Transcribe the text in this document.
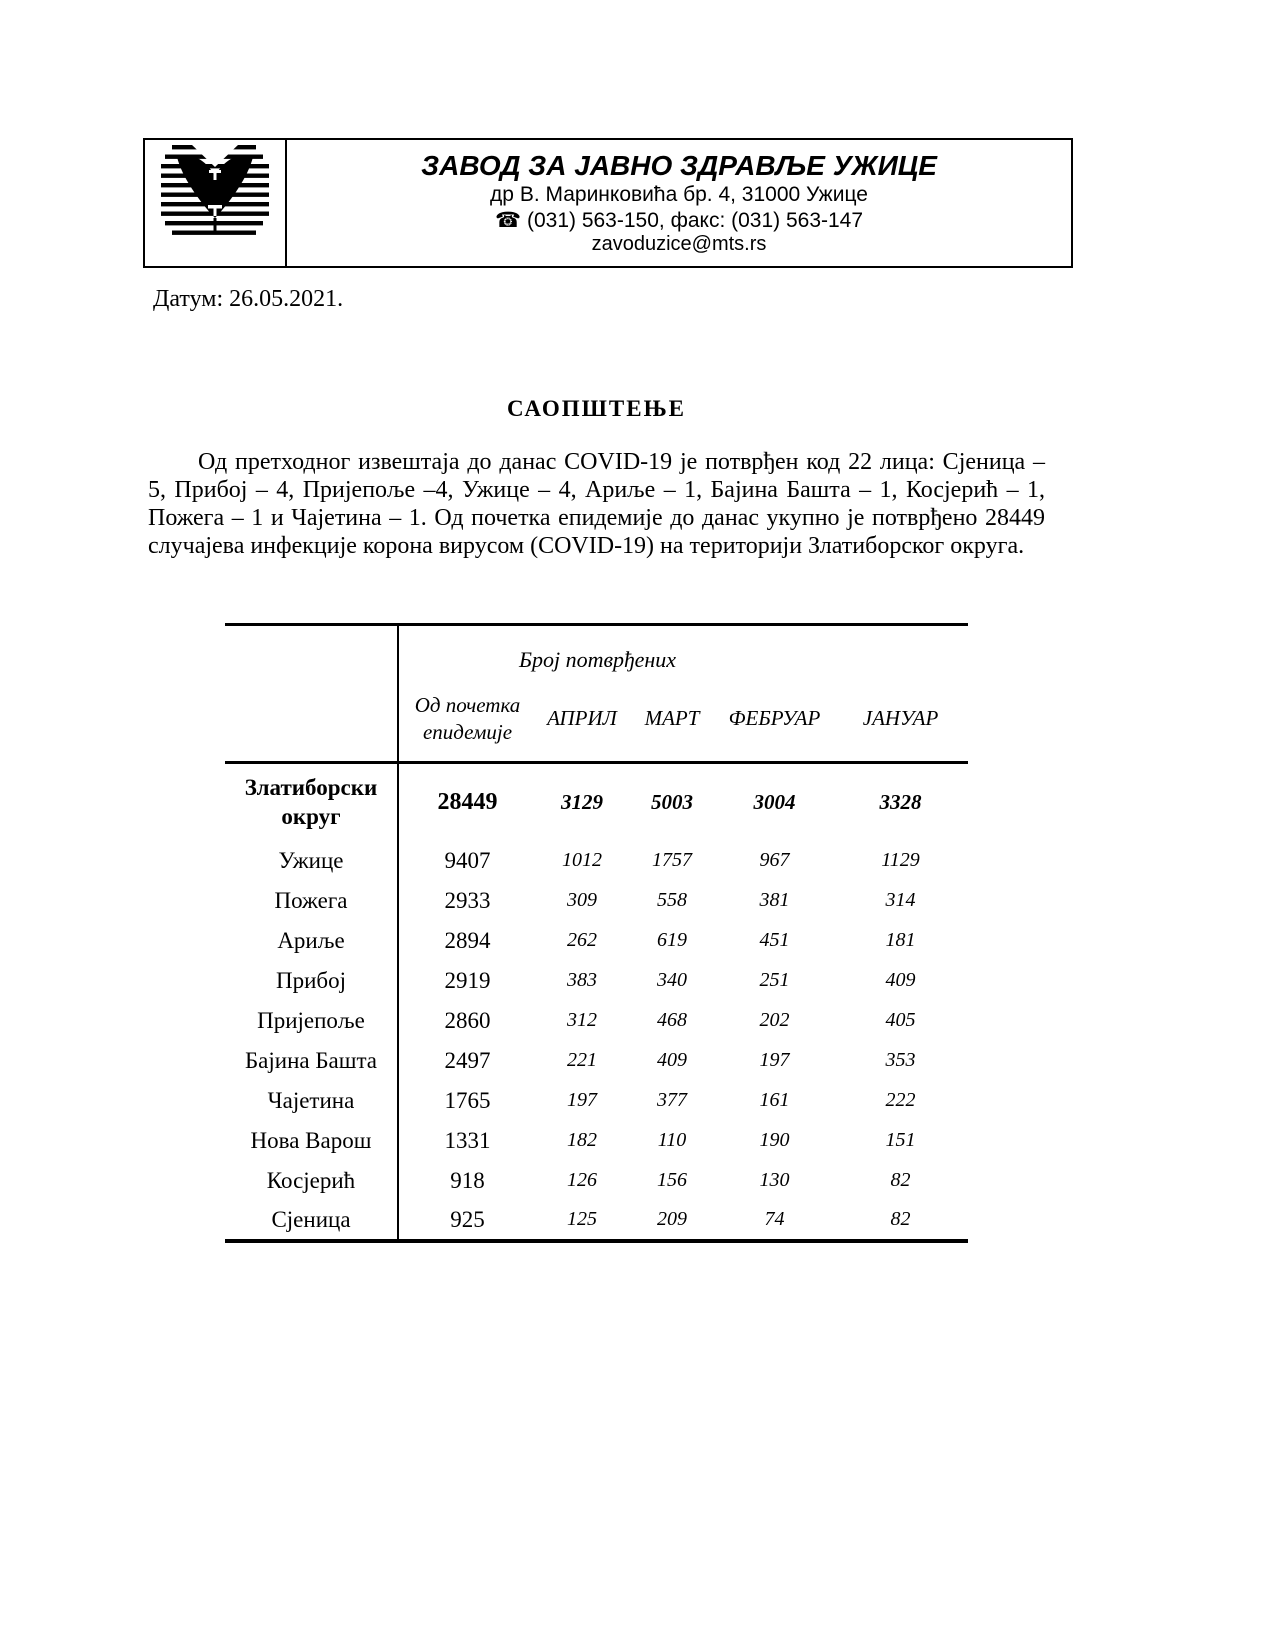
ЗАВОД ЗА ЈАВНО ЗДРАВЉЕ УЖИЦЕ
др В. Маринковића бр. 4, 31000 Ужице
☎ (031) 563-150, факс: (031) 563-147
zavoduzice@mts.rs
Датум: 26.05.2021.
САОПШТЕЊЕ
Од претходног извештаја до данас COVID-19 је потврђен код 22 лица: Сјеница – 5, Прибој – 4, Пријепоље –4, Ужице – 4, Ариље – 1, Бајина Башта – 1, Косјерић – 1, Пожега – 1 и Чајетина – 1. Од почетка епидемије до данас укупно је потврђено 28449 случајева инфекције корона вирусом (COVID-19) на територији Златиборског округа.
	Број потврђених				
	Од почетка епидемије	АПРИЛ	МАРТ	ФЕБРУАР	ЈАНУАР
Златиборски округ	28449	3129	5003	3004	3328
Ужице	9407	1012	1757	967	1129
Пожега	2933	309	558	381	314
Ариље	2894	262	619	451	181
Прибој	2919	383	340	251	409
Пријепоље	2860	312	468	202	405
Бајина Башта	2497	221	409	197	353
Чајетина	1765	197	377	161	222
Нова Варош	1331	182	110	190	151
Косјерић	918	126	156	130	82
Сјеница	925	125	209	74	82
